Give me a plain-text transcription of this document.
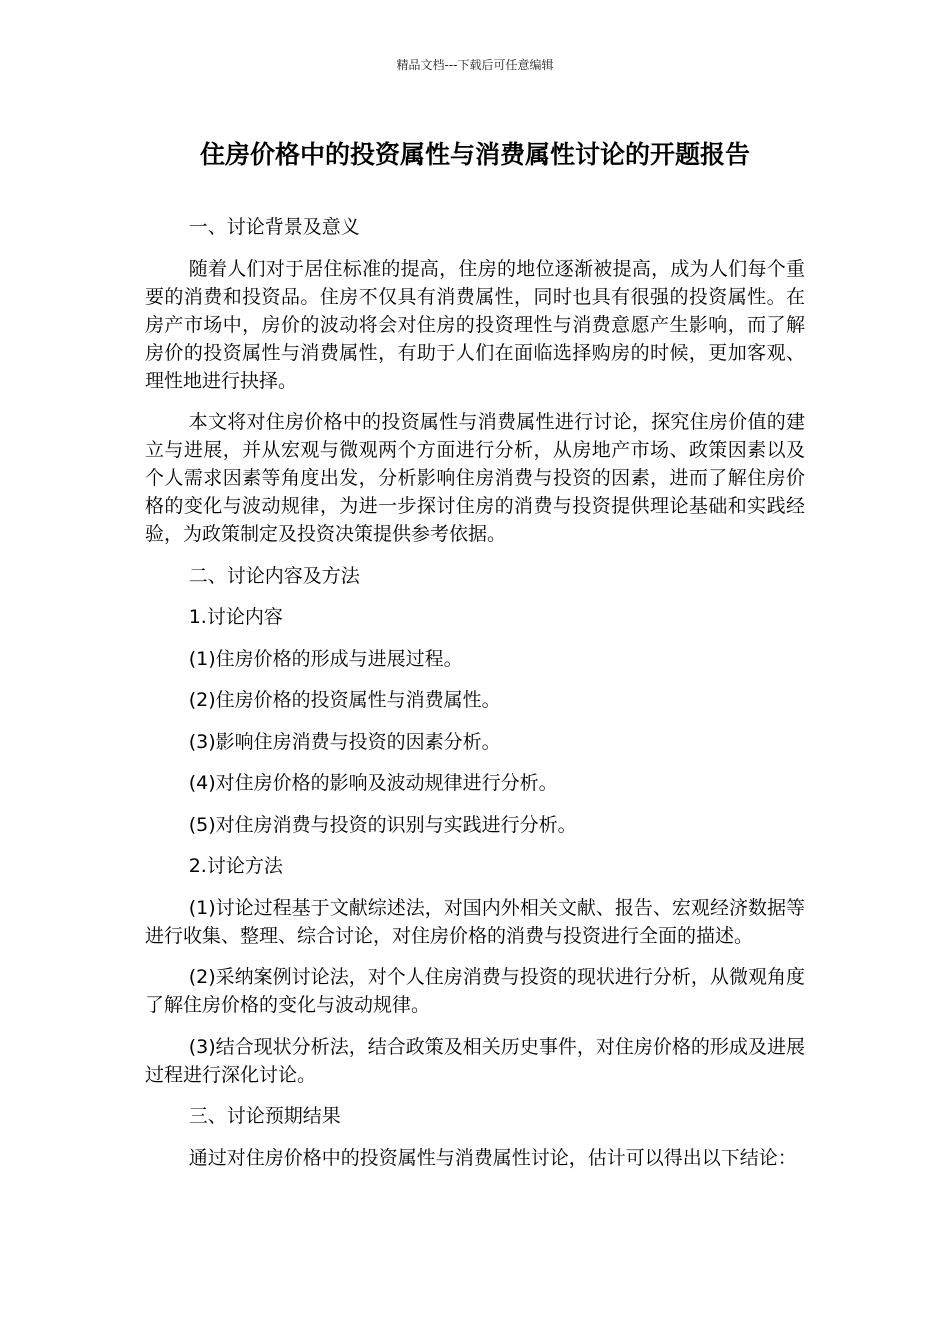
精品文档---下载后可任意编辑
住房价格中的投资属性与消费属性讨论的开题报告

一、讨论背景及意义

随着人们对于居住标准的提高，住房的地位逐渐被提高，成为人们每个重要的消费和投资品。住房不仅具有消费属性，同时也具有很强的投资属性。在房产市场中，房价的波动将会对住房的投资理性与消费意愿产生影响，而了解房价的投资属性与消费属性，有助于人们在面临选择购房的时候，更加客观、理性地进行抉择。

本文将对住房价格中的投资属性与消费属性进行讨论，探究住房价值的建立与进展，并从宏观与微观两个方面进行分析，从房地产市场、政策因素以及个人需求因素等角度出发，分析影响住房消费与投资的因素，进而了解住房价格的变化与波动规律，为进一步探讨住房的消费与投资提供理论基础和实践经验，为政策制定及投资决策提供参考依据。

二、讨论内容及方法

1.讨论内容

(1)住房价格的形成与进展过程。

(2)住房价格的投资属性与消费属性。

(3)影响住房消费与投资的因素分析。

(4)对住房价格的影响及波动规律进行分析。

(5)对住房消费与投资的识别与实践进行分析。

2.讨论方法

(1)讨论过程基于文献综述法，对国内外相关文献、报告、宏观经济数据等进行收集、整理、综合讨论，对住房价格的消费与投资进行全面的描述。

(2)采纳案例讨论法，对个人住房消费与投资的现状进行分析，从微观角度了解住房价格的变化与波动规律。

(3)结合现状分析法，结合政策及相关历史事件，对住房价格的形成及进展过程进行深化讨论。

三、讨论预期结果

通过对住房价格中的投资属性与消费属性讨论，估计可以得出以下结论：
